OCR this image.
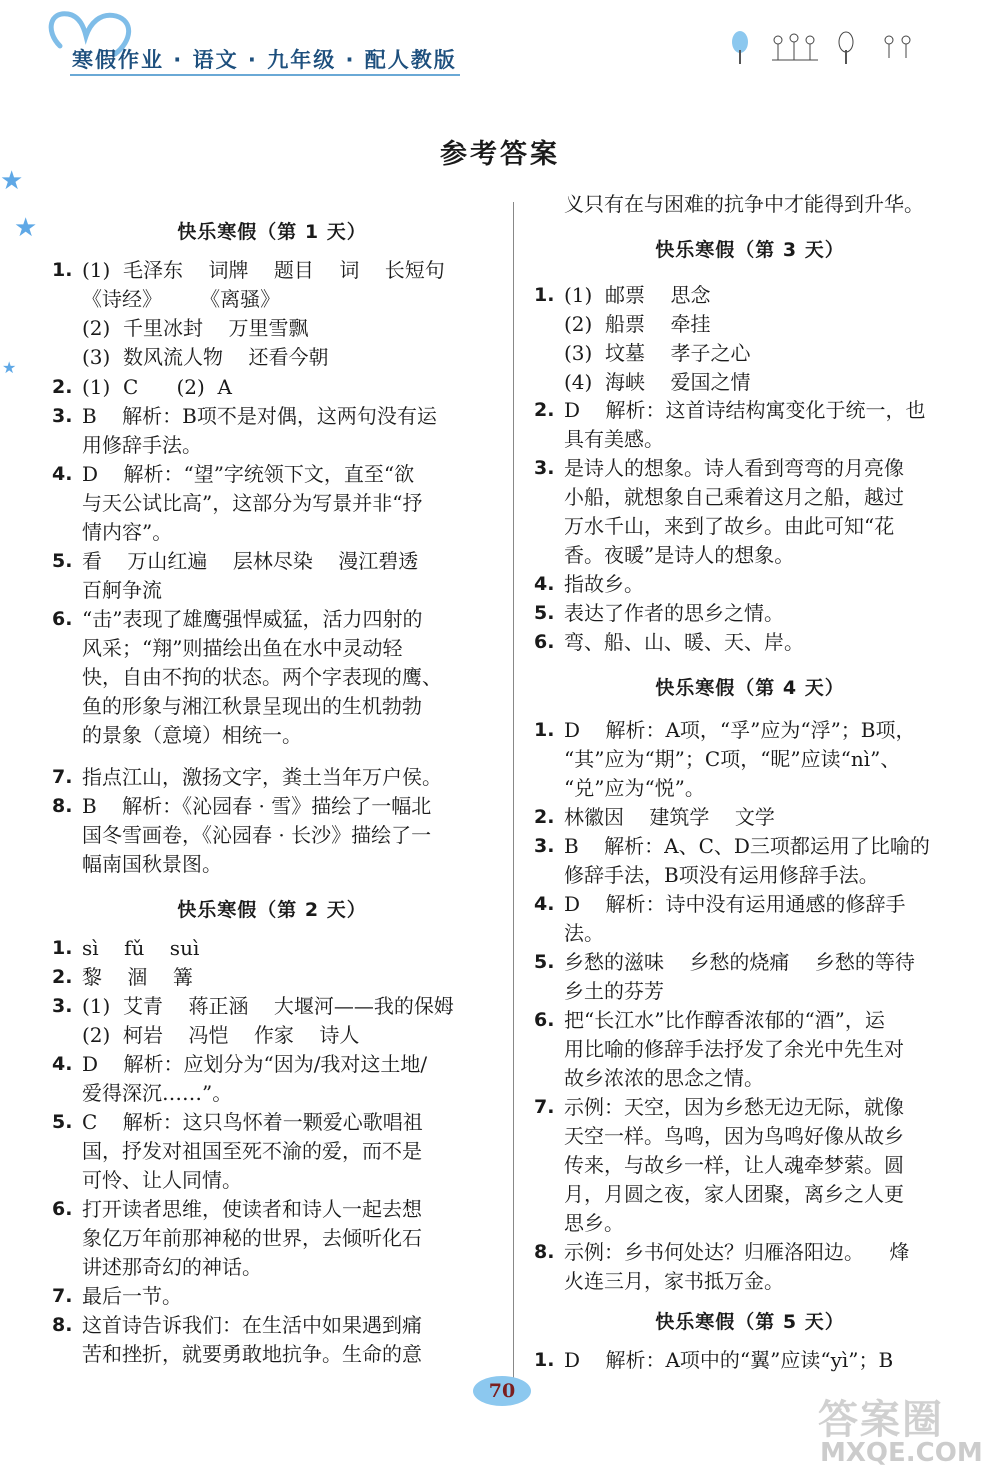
寒假作业 · 语文 · 九年级 · 配人教版
★
★
★
参考答案
快乐寒假（第 1 天）
1. (1)  毛泽东    词牌    题目    词    长短句
《诗经》      《离骚》
(2)  千里冰封    万里雪飘
(3)  数风流人物    还看今朝
2. (1)  C      (2)  A
3. B    解析：B项不是对偶，这两句没有运
用修辞手法。
4. D    解析：“望”字统领下文，直至“欲
与天公试比高”，这部分为写景并非“抒
情内容”。
5. 看    万山红遍    层林尽染    漫江碧透
百舸争流
6. “击”表现了雄鹰强悍威猛，活力四射的
风采；“翔”则描绘出鱼在水中灵动轻
快，自由不拘的状态。两个字表现的鹰、
鱼的形象与湘江秋景呈现出的生机勃勃
的景象（意境）相统一。
7. 指点江山，激扬文字，粪土当年万户侯。
8. B    解析：《沁园春 · 雪》描绘了一幅北
国冬雪画卷，《沁园春 · 长沙》描绘了一
幅南国秋景图。
快乐寒假（第 2 天）
1. sì    fǔ    suì
2. 黎    涸    篝
3. (1)  艾青    蒋正涵    大堰河——我的保姆
(2)  柯岩    冯恺    作家    诗人
4. D    解析：应划分为“因为/我对这土地/
爱得深沉……”。
5. C    解析：这只鸟怀着一颗爱心歌唱祖
国，抒发对祖国至死不渝的爱，而不是
可怜、让人同情。
6. 打开读者思维，使读者和诗人一起去想
象亿万年前那神秘的世界，去倾听化石
讲述那奇幻的神话。
7. 最后一节。
8. 这首诗告诉我们：在生活中如果遇到痛
苦和挫折，就要勇敢地抗争。生命的意
义只有在与困难的抗争中才能得到升华。
快乐寒假（第 3 天）
1. (1)  邮票    思念
(2)  船票    牵挂
(3)  坟墓    孝子之心
(4)  海峡    爱国之情
2. D    解析：这首诗结构寓变化于统一，也
具有美感。
3. 是诗人的想象。诗人看到弯弯的月亮像
小船，就想象自己乘着这月之船，越过
万水千山，来到了故乡。由此可知“花
香。夜暖”是诗人的想象。
4. 指故乡。
5. 表达了作者的思乡之情。
6. 弯、船、山、暖、天、岸。
快乐寒假（第 4 天）
1. D    解析：A项，“孚”应为“浮”；B项，
“其”应为“期”；C项，“昵”应读“nì”、
“兑”应为“悦”。
2. 林徽因    建筑学    文学
3. B    解析：A、C、D三项都运用了比喻的
修辞手法，B项没有运用修辞手法。
4. D    解析：诗中没有运用通感的修辞手
法。
5. 乡愁的滋味    乡愁的烧痛    乡愁的等待
乡土的芬芳
6. 把“长江水”比作醇香浓郁的“酒”，运
用比喻的修辞手法抒发了余光中先生对
故乡浓浓的思念之情。
7. 示例：天空，因为乡愁无边无际，就像
天空一样。鸟鸣，因为鸟鸣好像从故乡
传来，与故乡一样，让人魂牵梦萦。圆
月，月圆之夜，家人团聚，离乡之人更
思乡。
8. 示例：乡书何处达？归雁洛阳边。    烽
火连三月，家书抵万金。
快乐寒假（第 5 天）
1. D    解析：A项中的“翼”应读“yì”；B
70
答案圈
MXQE.COM
